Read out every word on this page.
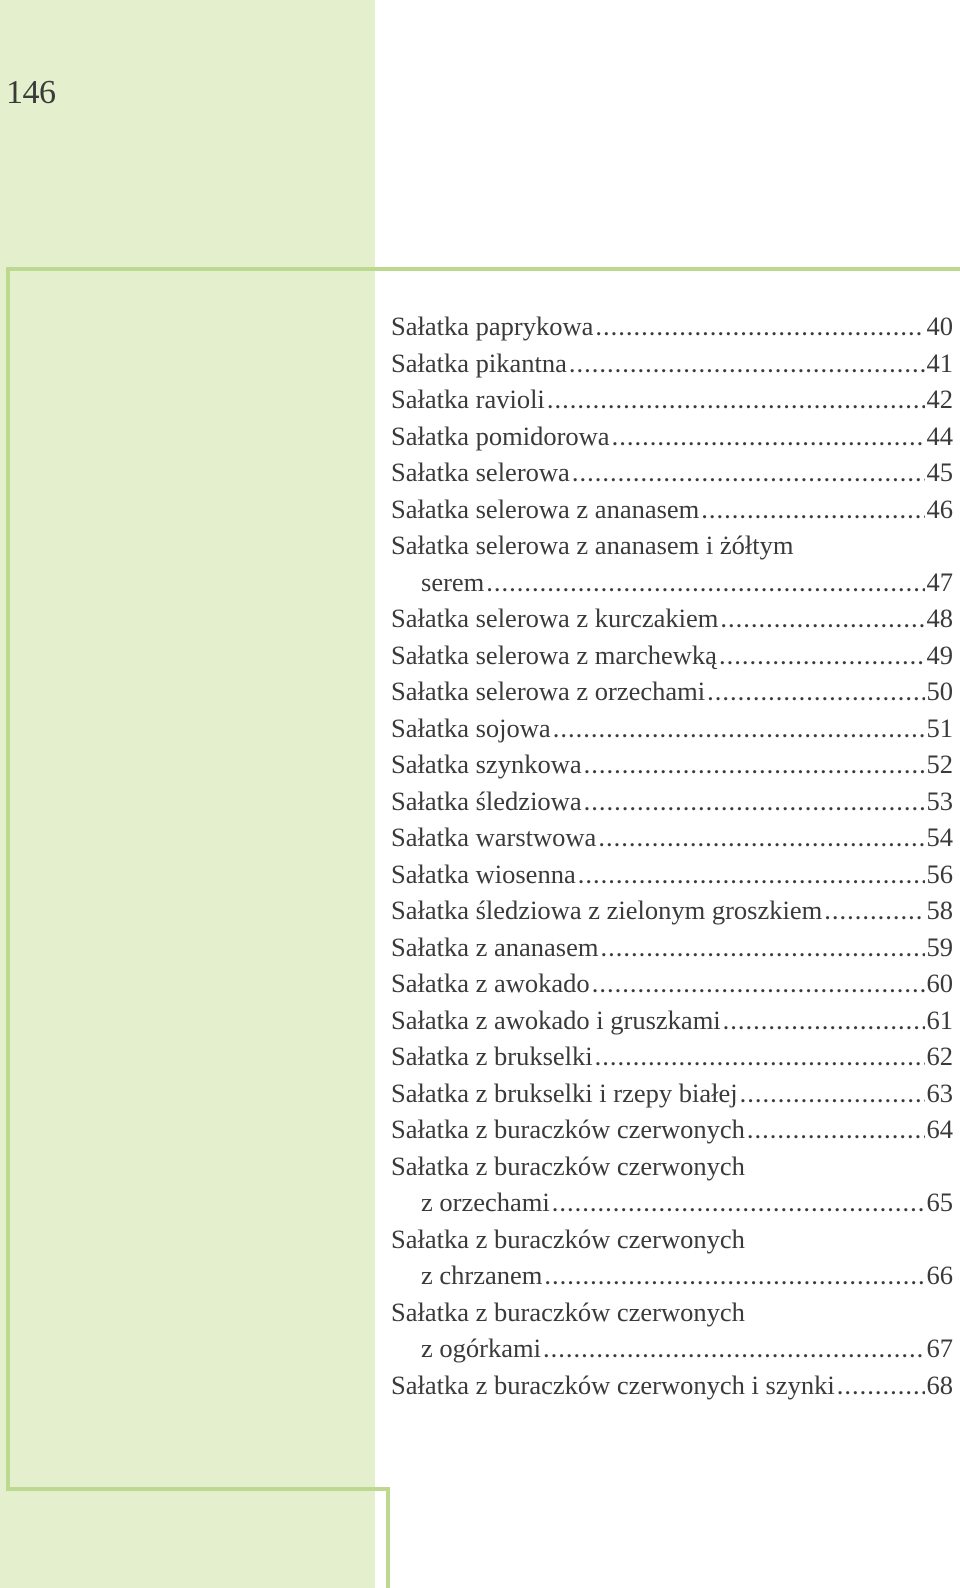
146
Sałatka paprykowa .....	40
Sałatka pikantna .....	41
Sałatka ravioli .....	42
Sałatka pomidorowa .....	44
Sałatka selerowa .....	45
Sałatka selerowa z ananasem .....	46
Sałatka selerowa z ananasem i żółtym
serem .....	47
Sałatka selerowa z kurczakiem .....	48
Sałatka selerowa z marchewką .....	49
Sałatka selerowa z orzechami .....	50
Sałatka sojowa .....	51
Sałatka szynkowa .....	52
Sałatka śledziowa .....	53
Sałatka warstwowa .....	54
Sałatka wiosenna .....	56
Sałatka śledziowa z zielonym groszkiem .....	58
Sałatka z ananasem .....	59
Sałatka z awokado .....	60
Sałatka z awokado i gruszkami .....	61
Sałatka z brukselki .....	62
Sałatka z brukselki i rzepy białej .....	63
Sałatka z buraczków czerwonych .....	64
Sałatka z buraczków czerwonych
z orzechami .....	65
Sałatka z buraczków czerwonych
z chrzanem .....	66
Sałatka z buraczków czerwonych
z ogórkami .....	67
Sałatka z buraczków czerwonych i szynki .....	68
